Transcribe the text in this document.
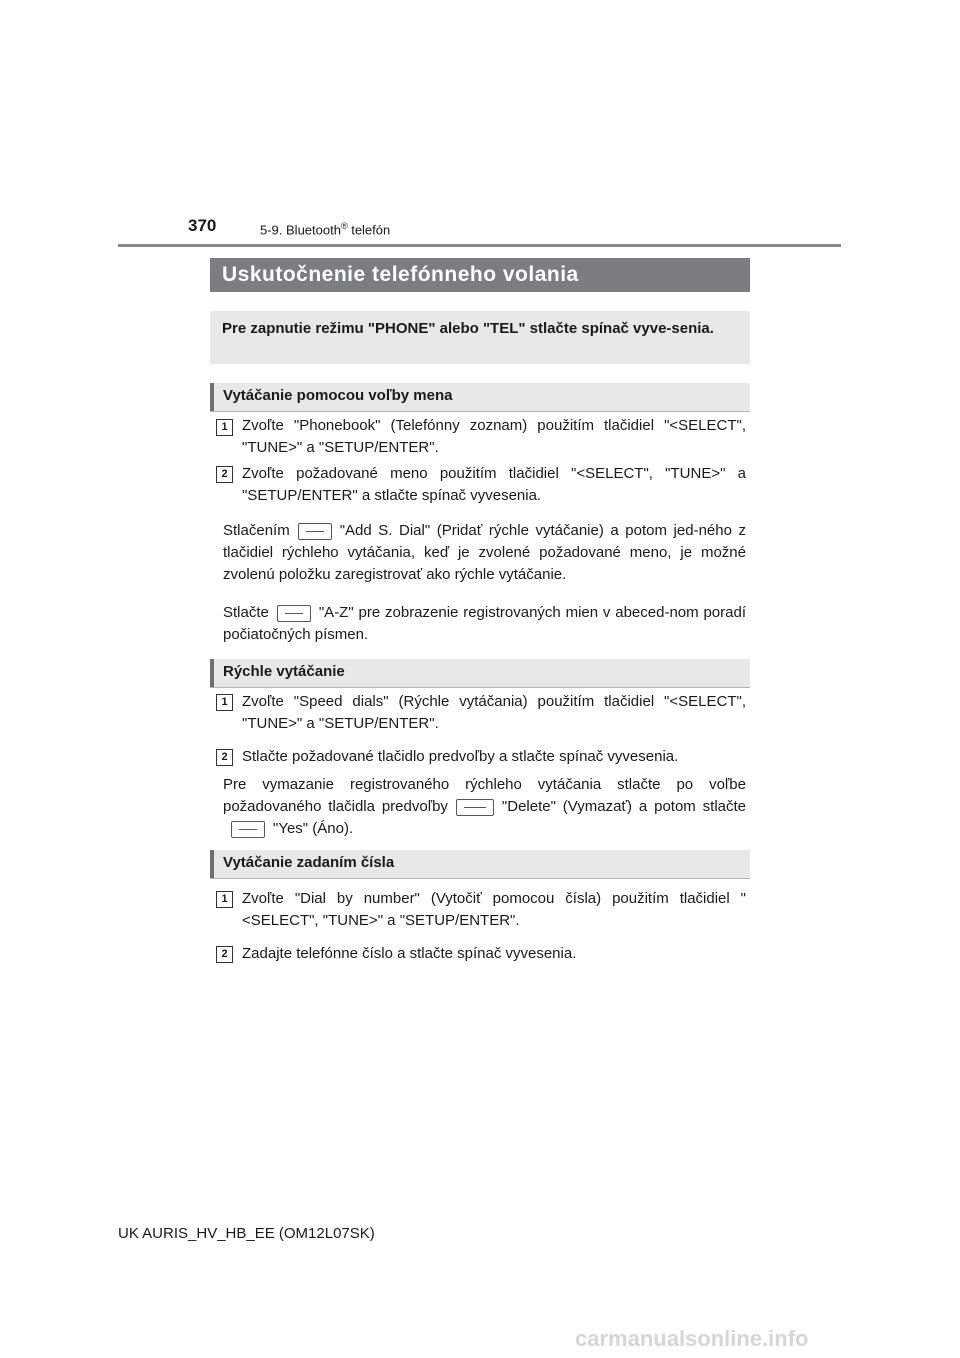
370	5-9. Bluetooth® telefón
Uskutočnenie telefónneho volania
Pre zapnutie režimu "PHONE" alebo "TEL" stlačte spínač vyve-senia.
Vytáčanie pomocou voľby mena
1 Zvoľte "Phonebook" (Telefónny zoznam) použitím tlačidiel "<SELECT", "TUNE>" a "SETUP/ENTER".
2 Zvoľte požadované meno použitím tlačidiel "<SELECT", "TUNE>" a "SETUP/ENTER" a stlačte spínač vyvesenia.
Stlačením	"Add S. Dial" (Pridať rýchle vytáčanie) a potom jed-ného z tlačidiel rýchleho vytáčania, keď je zvolené požadované meno, je možné zvolenú položku zaregistrovať ako rýchle vytáčanie.
Stlačte	"A-Z" pre zobrazenie registrovaných mien v abeced-nom poradí počiatočných písmen.
Rýchle vytáčanie
1 Zvoľte "Speed dials" (Rýchle vytáčania) použitím tlačidiel "<SELECT", "TUNE>" a "SETUP/ENTER".
2 Stlačte požadované tlačidlo predvoľby a stlačte spínač vyvesenia.
Pre vymazanie registrovaného rýchleho vytáčania stlačte po voľbe požadovaného tlačidla predvoľby	"Delete" (Vymazať) a potom stlačte"Yes" (Áno).
Vytáčanie zadaním čísla
1 Zvoľte "Dial by number" (Vytočiť pomocou čísla) použitím tlačidiel "<SELECT", "TUNE>" a "SETUP/ENTER".
2 Zadajte telefónne číslo a stlačte spínač vyvesenia.
UK AURIS_HV_HB_EE (OM12L07SK)
carmanualsonline.info
